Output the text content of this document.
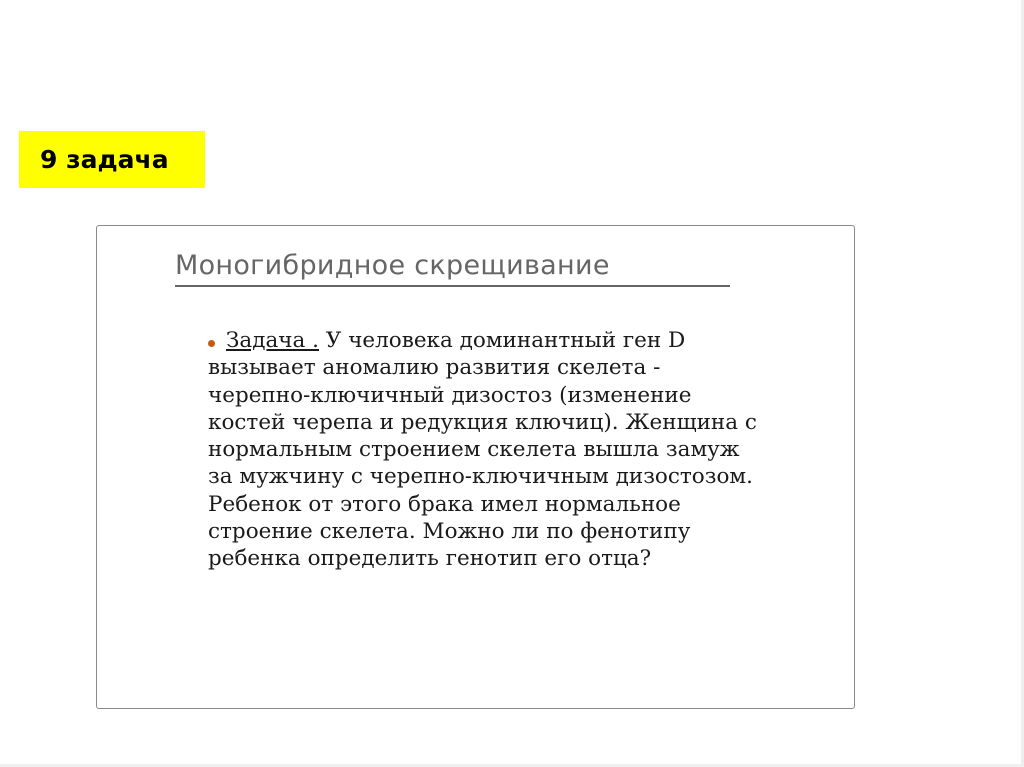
9 задача
Моногибридное скрещивание
Задача . У человека доминантный ген D
вызывает аномалию развития скелета -
черепно-ключичный дизостоз (изменение
костей черепа и редукция ключиц). Женщина с
нормальным строением скелета вышла замуж
за мужчину с черепно-ключичным дизостозом.
Ребенок от этого брака имел нормальное
строение скелета. Можно ли по фенотипу
ребенка определить генотип его отца?
